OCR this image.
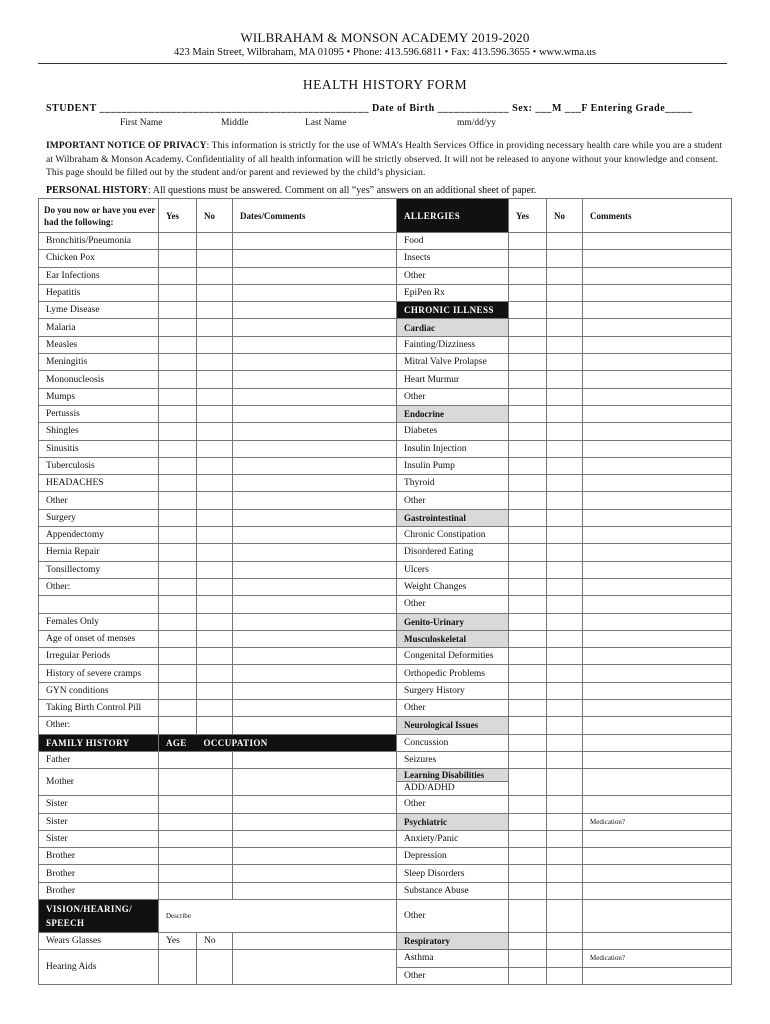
WILBRAHAM & MONSON ACADEMY 2019-2020
423 Main Street, Wilbraham, MA 01095 • Phone: 413.596.6811 • Fax: 413.596.3655 • www.wma.us
HEALTH HISTORY FORM
STUDENT _________________________________________________ Date of Birth _____________ Sex: ___M ___F Entering Grade_____
First Name	Middle	Last Name	mm/dd/yy
IMPORTANT NOTICE OF PRIVACY: This information is strictly for the use of WMA’s Health Services Office in providing necessary health care while you are a student at Wilbraham & Monson Academy. Confidentiality of all health information will be strictly observed. It will not be released to anyone without your knowledge and consent. This page should be filled out by the student and/or parent and reviewed by the child’s physician.
PERSONAL HISTORY: All questions must be answered. Comment on all “yes” answers on an additional sheet of paper.
Do you now or have you ever had the following:	Yes	No	Dates/Comments	ALLERGIES	Yes	No	Comments
Bronchitis/Pneumonia				Food			
Chicken Pox				Insects			
Ear Infections				Other			
Hepatitis				EpiPen Rx			
Lyme Disease				CHRONIC ILLNESS			
Malaria				Cardiac			
Measles				Fainting/Dizziness			
Meningitis				Mitral Valve Prolapse			
Mononucleosis				Heart Murmur			
Mumps				Other			
Pertussis				Endocrine			
Shingles				Diabetes			
Sinusitis				Insulin Injection			
Tuberculosis				Insulin Pump			
HEADACHES				Thyroid			
Other				Other			
Surgery				Gastrointestinal			
Appendectomy				Chronic Constipation			
Hernia Repair				Disordered Eating			
Tonsillectomy				Ulcers			
Other:				Weight Changes			
				Other			
Females Only				Genito-Urinary			
Age of onset of menses				Musculoskeletal			
Irregular Periods				Congenital Deformities			
History of severe cramps				Orthopedic Problems			
GYN conditions				Surgery History			
Taking Birth Control Pill				Other			
Other:				Neurological Issues			
FAMILY HISTORY	AGE	OCCUPATION		Concussion			
Father				Seizures			
Mother				Learning Disabilities
ADD/ADHD			

Sister				Other			
Sister				Psychiatric			Medication?
Sister				Anxiety/Panic			
Brother				Depression			
Brother				Sleep Disorders			
Brother				Substance Abuse			
VISION/HEARING/ SPEECH	Describe			Other			
Wears Glasses	Yes	No		Respiratory			
Hearing Aids				Asthma			Medication?
				Other			
